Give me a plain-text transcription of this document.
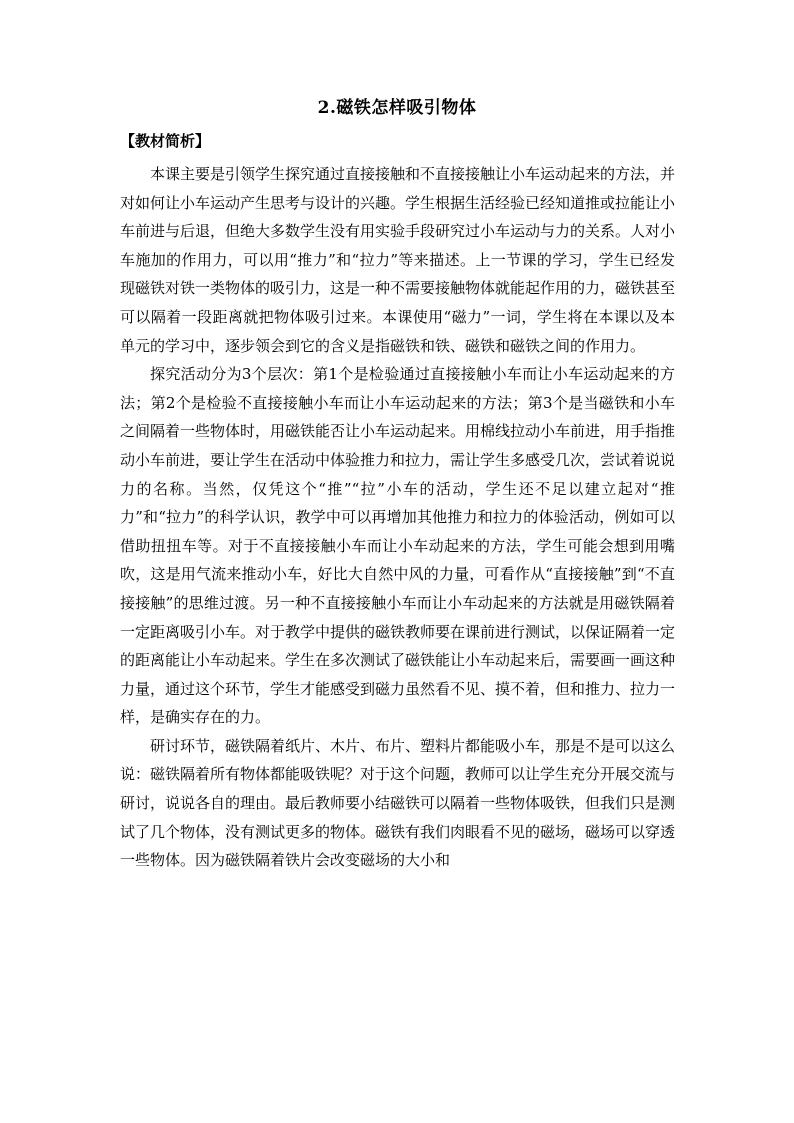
2.磁铁怎样吸引物体
【教材简析】

本课主要是引领学生探究通过直接接触和不直接接触让小车运动起来的方法，并对如何让小车运动产生思考与设计的兴趣。学生根据生活经验已经知道推或拉能让小车前进与后退，但绝大多数学生没有用实验手段研究过小车运动与力的关系。人对小车施加的作用力，可以用“推力”和“拉力”等来描述。上一节课的学习，学生已经发现磁铁对铁一类物体的吸引力，这是一种不需要接触物体就能起作用的力，磁铁甚至可以隔着一段距离就把物体吸引过来。本课使用“磁力”一词，学生将在本课以及本单元的学习中，逐步领会到它的含义是指磁铁和铁、磁铁和磁铁之间的作用力。

探究活动分为3个层次：第1个是检验通过直接接触小车而让小车运动起来的方法；第2个是检验不直接接触小车而让小车运动起来的方法；第3个是当磁铁和小车之间隔着一些物体时，用磁铁能否让小车运动起来。用棉线拉动小车前进，用手指推动小车前进，要让学生在活动中体验推力和拉力，需让学生多感受几次，尝试着说说力的名称。当然，仅凭这个“推”“拉”小车的活动，学生还不足以建立起对“推力”和“拉力”的科学认识，教学中可以再增加其他推力和拉力的体验活动，例如可以借助扭扭车等。对于不直接接触小车而让小车动起来的方法，学生可能会想到用嘴吹，这是用气流来推动小车，好比大自然中风的力量，可看作从“直接接触”到“不直接接触”的思维过渡。另一种不直接接触小车而让小车动起来的方法就是用磁铁隔着一定距离吸引小车。对于教学中提供的磁铁教师要在课前进行测试，以保证隔着一定的距离能让小车动起来。学生在多次测试了磁铁能让小车动起来后，需要画一画这种力量，通过这个环节，学生才能感受到磁力虽然看不见、摸不着，但和推力、拉力一样，是确实存在的力。

研讨环节，磁铁隔着纸片、木片、布片、塑料片都能吸小车，那是不是可以这么说：磁铁隔着所有物体都能吸铁呢？对于这个问题，教师可以让学生充分开展交流与研讨，说说各自的理由。最后教师要小结磁铁可以隔着一些物体吸铁，但我们只是测试了几个物体，没有测试更多的物体。磁铁有我们肉眼看不见的磁场，磁场可以穿透一些物体。因为磁铁隔着铁片会改变磁场的大小和
